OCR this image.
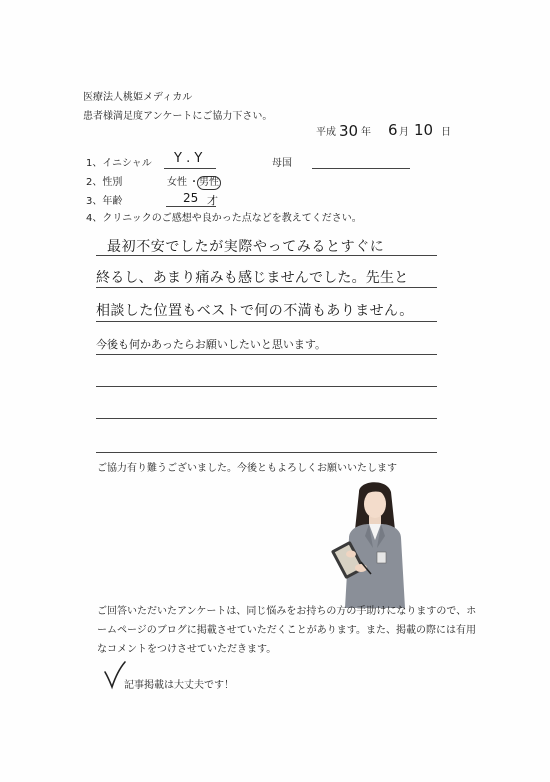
医療法人桃姫メディカル
患者様満足度アンケートにご協力下さい。
平成 30 年 6 月 10 日
1、イニシャル Y . Y	母国
2、性別	女性 ・ 男性
3、年齢	25 才
4、クリニックのご感想や良かった点などを教えてください。
最初不安でしたが実際やってみるとすぐに
終るし、あまり痛みも感じませんでした。先生と
相談した位置もベストで何の不満もありません。
今後も何かあったらお願いしたいと思います。
ご協力有り難うございました。今後ともよろしくお願いいたします
ご回答いただいたアンケートは、同じ悩みをお持ちの方の手助けになりますので、ホ
ームページのブログに掲載させていただくことがあります。また、掲載の際には有用
なコメントをつけさせていただきます。
記事掲載は大丈夫です！
